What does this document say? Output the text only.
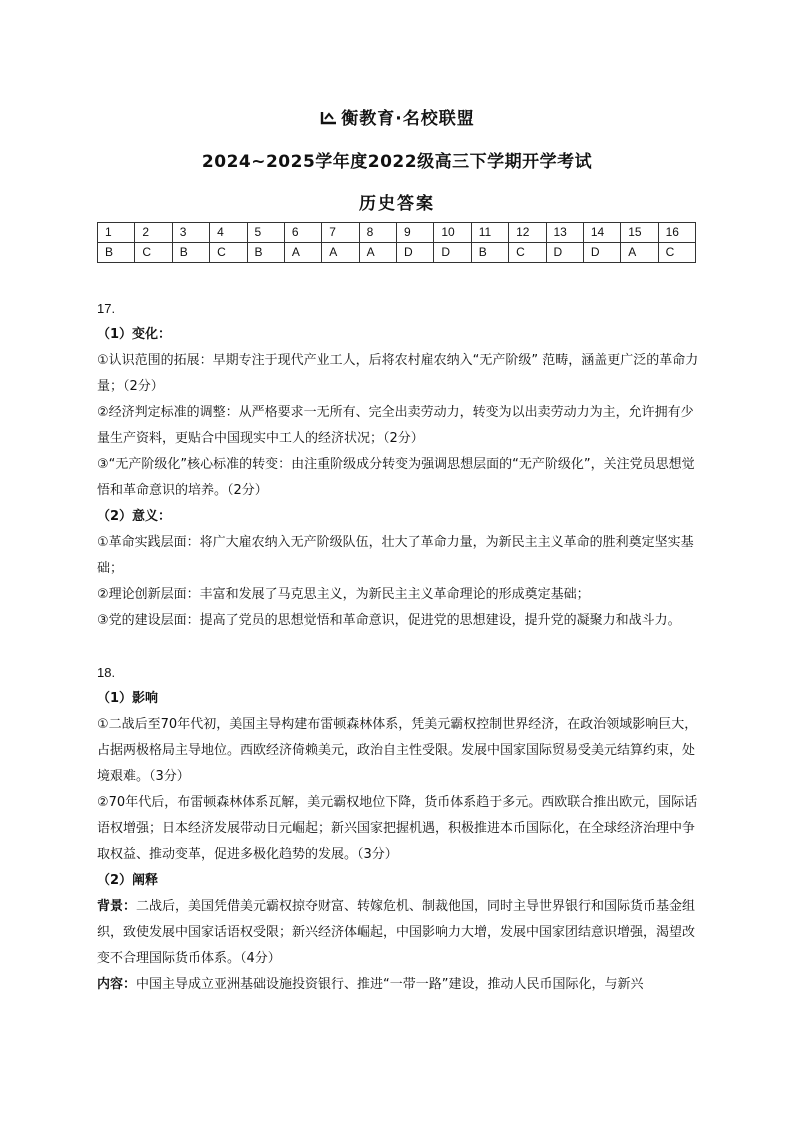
衡教育·名校联盟
2024~2025学年度2022级高三下学期开学考试
历史答案
1	2	3	4	5	6	7	8	9	10	11	12	13	14	15	16
B	C	B	C	B	A	A	A	D	D	B	C	D	D	A	C

17.

（1）变化：

①认识范围的拓展：早期专注于现代产业工人，后将农村雇农纳入“无产阶级” 范畴，涵盖更广泛的革命力量；（2分）

②经济判定标准的调整：从严格要求一无所有、完全出卖劳动力，转变为以出卖劳动力为主，允许拥有少量生产资料，更贴合中国现实中工人的经济状况；（2分）

③“无产阶级化”核心标准的转变：由注重阶级成分转变为强调思想层面的“无产阶级化”，关注党员思想觉悟和革命意识的培养。（2分）

（2）意义：

①革命实践层面：将广大雇农纳入无产阶级队伍，壮大了革命力量，为新民主主义革命的胜利奠定坚实基础；

②理论创新层面：丰富和发展了马克思主义，为新民主主义革命理论的形成奠定基础；

③党的建设层面：提高了党员的思想觉悟和革命意识，促进党的思想建设，提升党的凝聚力和战斗力。

18.

（1）影响

①二战后至70年代初，美国主导构建布雷顿森林体系，凭美元霸权控制世界经济，在政治领域影响巨大，占据两极格局主导地位。西欧经济倚赖美元，政治自主性受限。发展中国家国际贸易受美元结算约束，处境艰难。（3分）

②70年代后，布雷顿森林体系瓦解，美元霸权地位下降，货币体系趋于多元。西欧联合推出欧元，国际话语权增强；日本经济发展带动日元崛起；新兴国家把握机遇，积极推进本币国际化，在全球经济治理中争取权益、推动变革，促进多极化趋势的发展。（3分）

（2）阐释

背景：二战后，美国凭借美元霸权掠夺财富、转嫁危机、制裁他国，同时主导世界银行和国际货币基金组织，致使发展中国家话语权受限；新兴经济体崛起，中国影响力大增，发展中国家团结意识增强，渴望改变不合理国际货币体系。（4分）

内容：中国主导成立亚洲基础设施投资银行、推进“一带一路”建设，推动人民币国际化，与新兴
